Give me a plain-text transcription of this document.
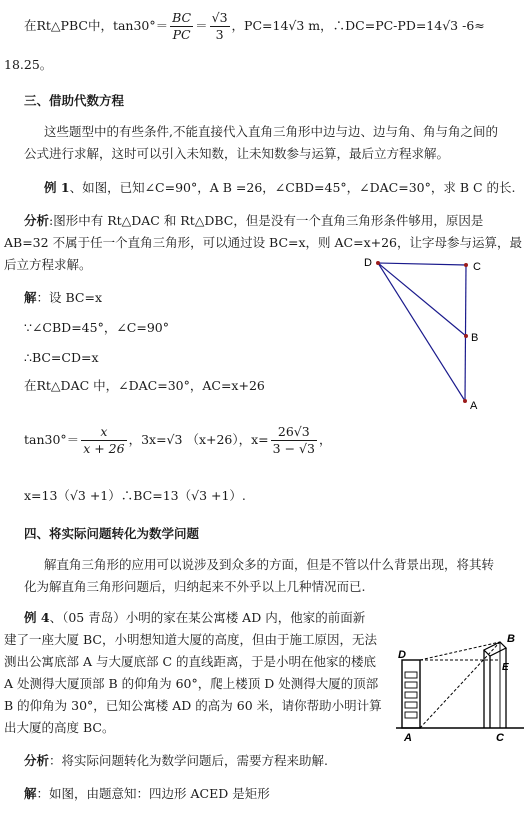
在Rt△PBC中，$\tan 30^\circ= \frac{BC}{PC} = \frac{√3}{3}$ ，PC=14√3 m，∴DC=PC-PD=14√3 -6≈
18.25。
三、借助代数方程
这些题型中的有些条件,不能直接代入直角三角形中边与边、边与角、角与角之间的
公式进行求解，这时可以引入未知数，让未知数参与运算，最后立方程求解。
例 1、如图，已知∠C=90°，A B =26，∠CBD=45°，∠DAC=30°，求 B C 的长.
分析:图形中有 Rt△DAC 和 Rt△DBC，但是没有一个直角三角形条件够用，原因是
AB=32 不属于任一个直角三角形，可以通过设 BC=x，则 AC=x+26，让字母参与运算，最
后立方程求解。
解：设 BC=x
∵∠CBD=45°，∠C=90°
∴BC=CD=x
在Rt△DAC 中，∠DAC=30°，AC=x+26
$\tan 30^\circ= \frac{x}{x + 26}$ ，3x=√3 （x+26），$x= \frac{26√3}{3 - √3}$ ，
x=13（√3 +1）∴BC=13（√3 +1）.
四、将实际问题转化为数学问题
解直角三角形的应用可以说涉及到众多的方面，但是不管以什么背景出现，将其转
化为解直角三角形问题后，归纳起来不外乎以上几种情况而已.
例 4、（05 青岛）小明的家在某公寓楼 AD 内，他家的前面新
建了一座大厦 BC，小明想知道大厦的高度，但由于施工原因，无法
测出公寓底部 A 与大厦底部 C 的直线距离，于是小明在他家的楼底
A 处测得大厦顶部 B 的仰角为 60°，爬上楼顶 D 处测得大厦的顶部
B 的仰角为 30°，已知公寓楼 AD 的高为 60 米，请你帮助小明计算
出大厦的高度 BC。
分析：将实际问题转化为数学问题后，需要方程来助解.
解：如图，由题意知：四边形 ACED 是矩形
D	C
B
A
D
B
E
A	C
